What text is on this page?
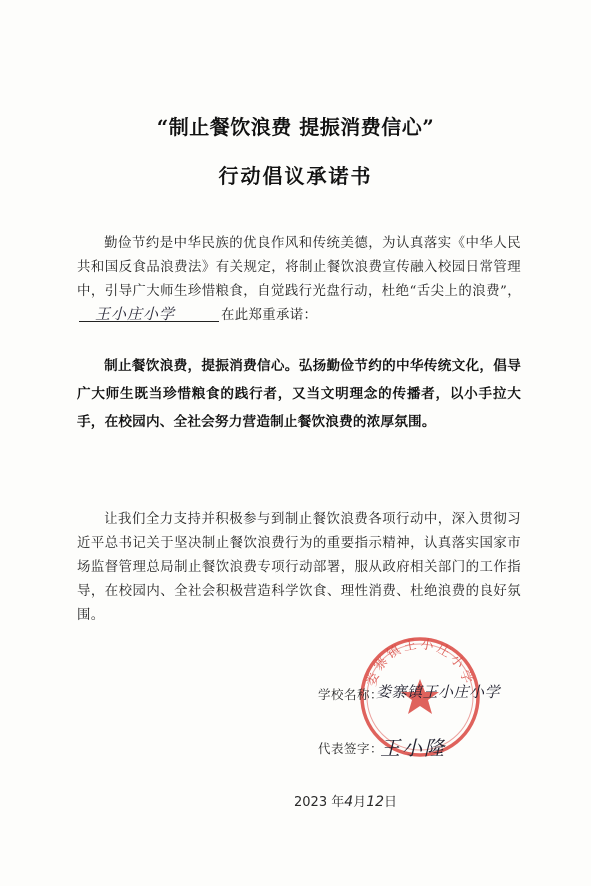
“制止餐饮浪费 提振消费信心”
行动倡议承诺书

勤俭节约是中华民族的优良作风和传统美德，为认真落实《中华人民共和国反食品浪费法》有关规定，将制止餐饮浪费宣传融入校园日常管理中，引导广大师生珍惜粮食，自觉践行光盘行动，杜绝“舌尖上的浪费”，
王小庄小学	在此郑重承诺：

制止餐饮浪费，提振消费信心。弘扬勤俭节约的中华传统文化，倡导广大师生既当珍惜粮食的践行者，又当文明理念的传播者，以小手拉大手，在校园内、全社会努力营造制止餐饮浪费的浓厚氛围。

让我们全力支持并积极参与到制止餐饮浪费各项行动中，深入贯彻习近平总书记关于坚决制止餐饮浪费行为的重要指示精神，认真落实国家市场监督管理总局制止餐饮浪费专项行动部署，服从政府相关部门的工作指导，在校园内、全社会积极营造科学饮食、理性消费、杜绝浪费的良好氛围。

娄寨镇王小庄小学
学校名称：
娄寨镇王小庄小学
代表签字：
王小隆
2023 年4月12日
